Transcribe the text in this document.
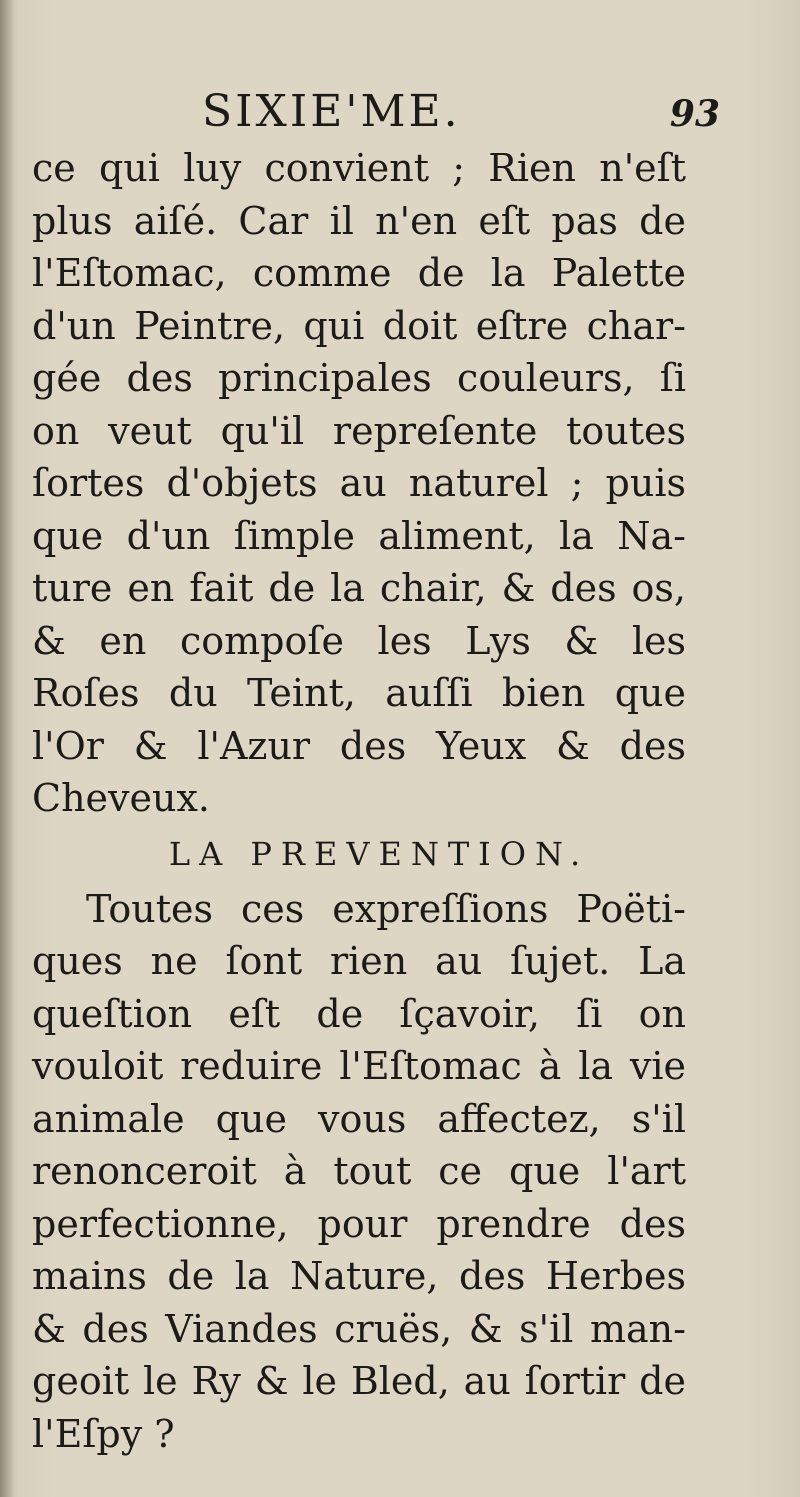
SIXIE'ME.	93
ce qui luy convient ; Rien n'eſt
plus aiſé. Car il n'en eſt pas de
l'Eſtomac, comme de la Palette
d'un Peintre, qui doit eſtre char-
gée des principales couleurs, ſi
on veut qu'il repreſente toutes
ſortes d'objets au naturel ; puis
que d'un ſimple aliment, la Na-
ture en fait de la chair, & des os,
& en compoſe les Lys & les
Roſes du Teint, auſſi bien que
l'Or & l'Azur des Yeux & des
Cheveux.
LA PREVENTION.
Toutes ces expreſſions Poëti-
ques ne ſont rien au ſujet. La
queſtion eſt de ſçavoir, ſi on
vouloit reduire l'Eſtomac à la vie
animale que vous affectez, s'il
renonceroit à tout ce que l'art
perfectionne, pour prendre des
mains de la Nature, des Herbes
& des Viandes cruës, & s'il man-
geoit le Ry & le Bled, au ſortir de
l'Eſpy ?
